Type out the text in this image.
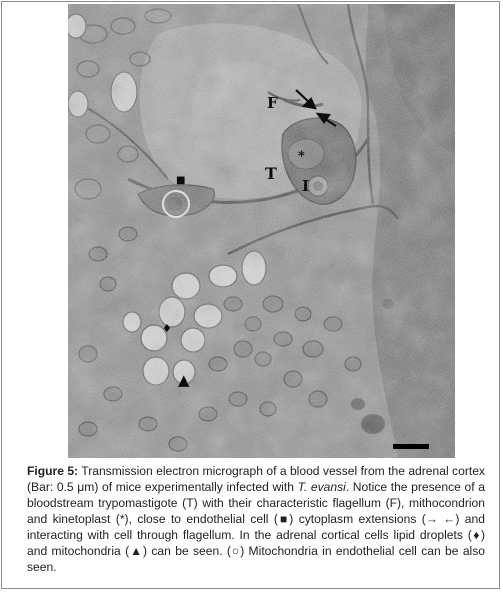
F
T
I
*
■
♦
▲
Figure 5: Transmission electron micrograph of a blood vessel from the adrenal cortex (Bar: 0.5 μm) of mice experimentally infected with T. evansi. Notice the presence of a bloodstream trypomastigote (T) with their characteristic flagellum (F), mithocondrion and kinetoplast (*), close to endothelial cell (■) cytoplasm extensions (→ ←) and interacting with cell through flagellum. In the adrenal cortical cells lipid droplets (♦) and mitochondria (▲) can be seen. (○) Mitochondria in endothelial cell can be also seen.
